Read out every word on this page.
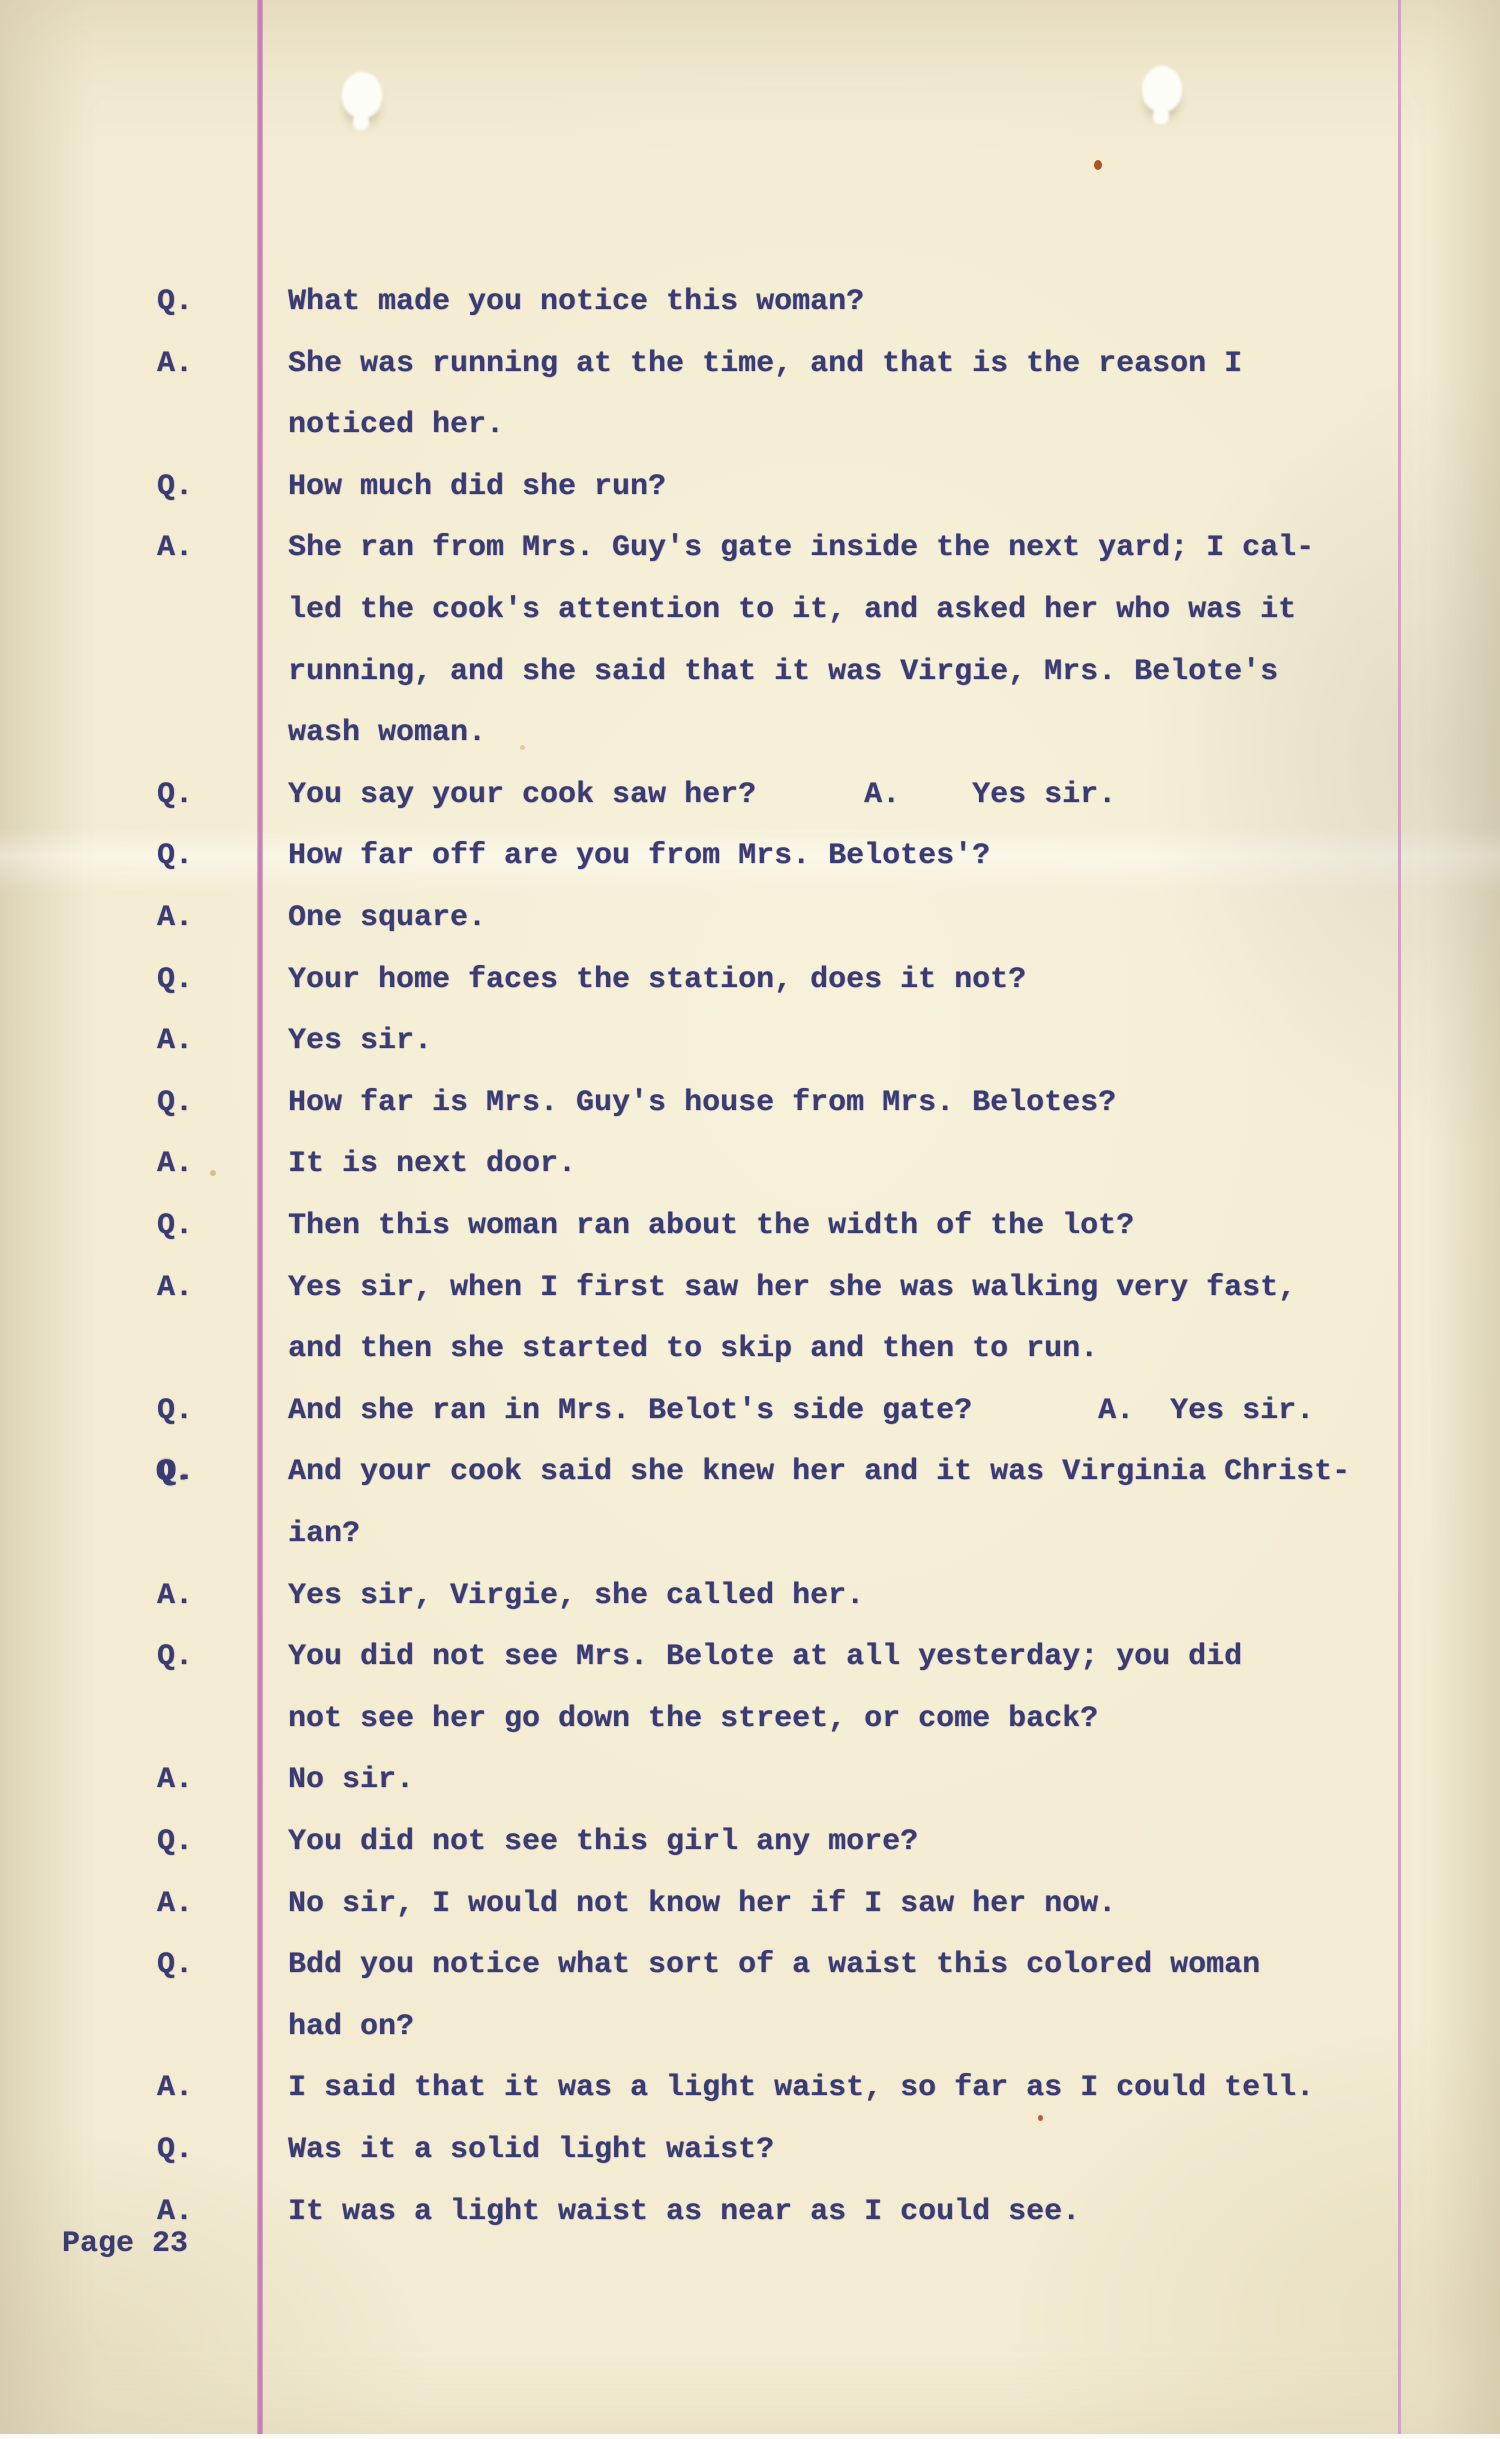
Q.	What made you notice this woman?
A.	She was running at the time, and that is the reason I
noticed her.
Q.	How much did she run?
A.	She ran from Mrs. Guy's gate inside the next yard; I cal-
led the cook's attention to it, and asked her who was it
running, and she said that it was Virgie, Mrs. Belote's
wash woman.
Q.	You say your cook saw her?      A.    Yes sir.
Q.	How far off are you from Mrs. Belotes'?
A.	One square.
Q.	Your home faces the station, does it not?
A.	Yes sir.
Q.	How far is Mrs. Guy's house from Mrs. Belotes?
A.	It is next door.
Q.	Then this woman ran about the width of the lot?
A.	Yes sir, when I first saw her she was walking very fast,
and then she started to skip and then to run.
Q.	And she ran in Mrs. Belot's side gate?       A.  Yes sir.
Q.	And your cook said she knew her and it was Virginia Christ-
ian?
A.	Yes sir, Virgie, she called her.
Q.	You did not see Mrs. Belote at all yesterday; you did
not see her go down the street, or come back?
A.	No sir.
Q.	You did not see this girl any more?
A.	No sir, I would not know her if I saw her now.
Q.	Bdd you notice what sort of a waist this colored woman
had on?
A.	I said that it was a light waist, so far as I could tell.
Q.	Was it a solid light waist?
A.	It was a light waist as near as I could see.
Page 23
